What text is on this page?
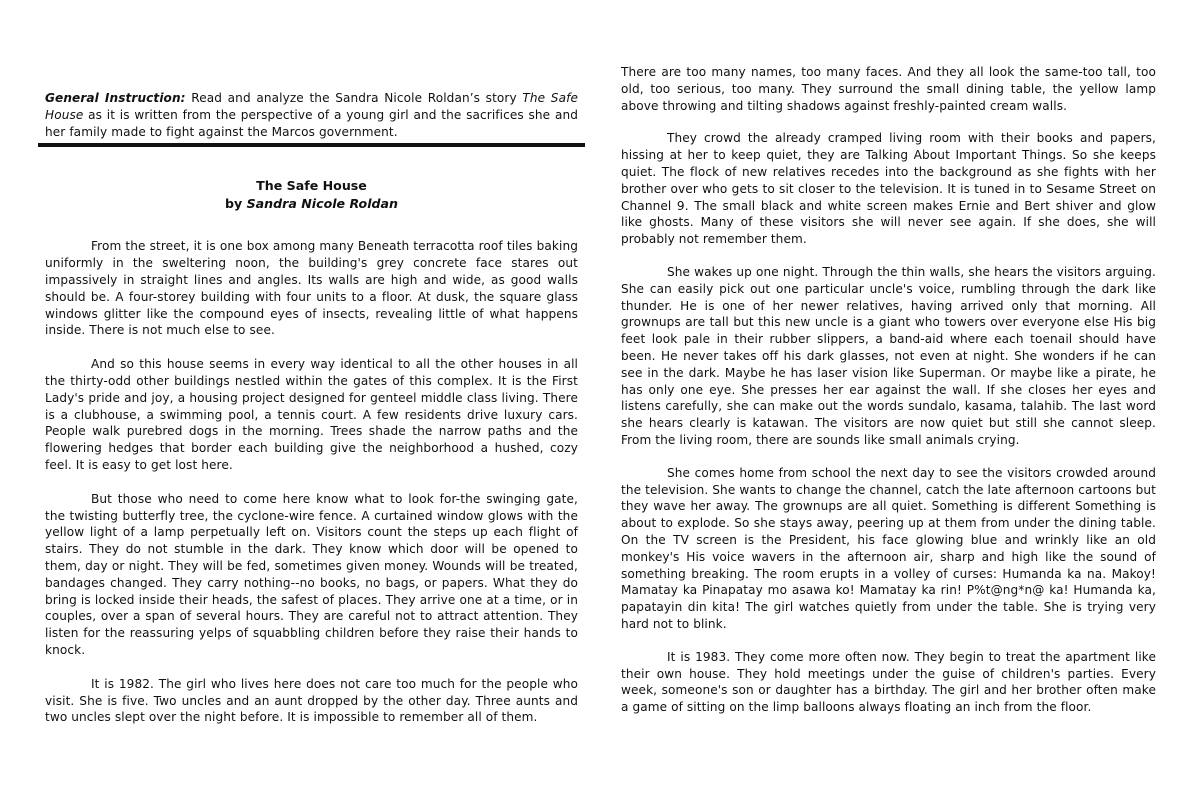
General Instruction: Read and analyze the Sandra Nicole Roldan’s story The Safe House as it is written from the perspective of a young girl and the sacrifices she and her family made to fight against the Marcos government.

The Safe House
by Sandra Nicole Roldan

From the street, it is one box among many Beneath terracotta roof tiles baking uniformly in the sweltering noon, the building's grey concrete face stares out impassively in straight lines and angles. Its walls are high and wide, as good walls should be. A four-storey building with four units to a floor. At dusk, the square glass windows glitter like the compound eyes of insects, revealing little of what happens inside. There is not much else to see.

And so this house seems in every way identical to all the other houses in all the thirty-odd other buildings nestled within the gates of this complex. It is the First Lady's pride and joy, a housing project designed for genteel middle class living. There is a clubhouse, a swimming pool, a tennis court. A few residents drive luxury cars. People walk purebred dogs in the morning. Trees shade the narrow paths and the flowering hedges that border each building give the neighborhood a hushed, cozy feel. It is easy to get lost here.

But those who need to come here know what to look for-the swinging gate, the twisting butterfly tree, the cyclone-wire fence. A curtained window glows with the yellow light of a lamp perpetually left on. Visitors count the steps up each flight of stairs. They do not stumble in the dark. They know which door will be opened to them, day or night. They will be fed, sometimes given money. Wounds will be treated, bandages changed. They carry nothing--no books, no bags, or papers. What they do bring is locked inside their heads, the safest of places. They arrive one at a time, or in couples, over a span of several hours. They are careful not to attract attention. They listen for the reassuring yelps of squabbling children before they raise their hands to knock.

It is 1982. The girl who lives here does not care too much for the people who visit. She is five. Two uncles and an aunt dropped by the other day. Three aunts and two uncles slept over the night before. It is impossible to remember all of them.

There are too many names, too many faces. And they all look the same-too tall, too old, too serious, too many. They surround the small dining table, the yellow lamp above throwing and tilting shadows against freshly-painted cream walls.

They crowd the already cramped living room with their books and papers, hissing at her to keep quiet, they are Talking About Important Things. So she keeps quiet. The flock of new relatives recedes into the background as she fights with her brother over who gets to sit closer to the television. It is tuned in to Sesame Street on Channel 9. The small black and white screen makes Ernie and Bert shiver and glow like ghosts. Many of these visitors she will never see again. If she does, she will probably not remember them.

She wakes up one night. Through the thin walls, she hears the visitors arguing. She can easily pick out one particular uncle's voice, rumbling through the dark like thunder. He is one of her newer relatives, having arrived only that morning. All grownups are tall but this new uncle is a giant who towers over everyone else His big feet look pale in their rubber slippers, a band-aid where each toenail should have been. He never takes off his dark glasses, not even at night. She wonders if he can see in the dark. Maybe he has laser vision like Superman. Or maybe like a pirate, he has only one eye. She presses her ear against the wall. If she closes her eyes and listens carefully, she can make out the words sundalo, kasama, talahib. The last word she hears clearly is katawan. The visitors are now quiet but still she cannot sleep. From the living room, there are sounds like small animals crying.

She comes home from school the next day to see the visitors crowded around the television. She wants to change the channel, catch the late afternoon cartoons but they wave her away. The grownups are all quiet. Something is different Something is about to explode. So she stays away, peering up at them from under the dining table. On the TV screen is the President, his face glowing blue and wrinkly like an old monkey's His voice wavers in the afternoon air, sharp and high like the sound of something breaking. The room erupts in a volley of curses: Humanda ka na. Makoy! Mamatay ka Pinapatay mo asawa ko! Mamatay ka rin! P%t@ng*n@ ka! Humanda ka, papatayin din kita! The girl watches quietly from under the table. She is trying very hard not to blink.

It is 1983. They come more often now. They begin to treat the apartment like their own house. They hold meetings under the guise of children's parties. Every week, someone's son or daughter has a birthday. The girl and her brother often make a game of sitting on the limp balloons always floating an inch from the floor.
